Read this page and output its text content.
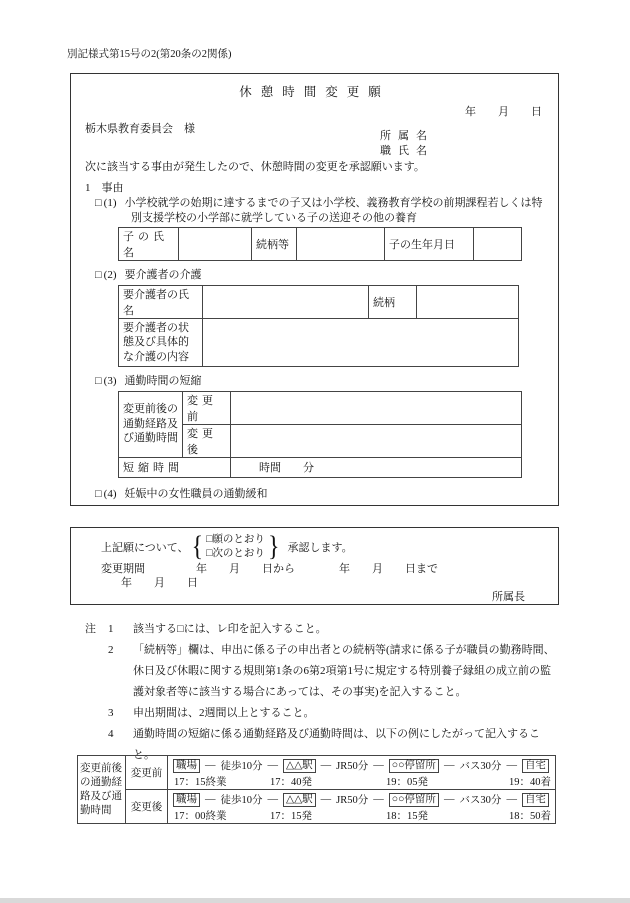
別記様式第15号の2(第20条の2関係)
休憩時間変更願
年　　月　　日
栃木県教育委員会　様
所属名
職氏名
次に該当する事由が発生したので、休憩時間の変更を承認願います。
1　事由
□ (1) 小学校就学の始期に達するまでの子又は小学校、義務教育学校の前期課程若しくは特別支援学校の小学部に就学している子の送迎その他の養育
子の氏名		続柄等		子の生年月日	
□ (2) 要介護者の介護
要介護者の氏名		続柄	
要介護者の状態及び具体的な介護の内容			
□ (3) 通勤時間の短縮
変更前後の通勤経路及び通勤時間	変更前	
	変更後	
短縮時間		時間　　分
□ (4) 妊娠中の女性職員の通勤緩和
上記願について、 { □願のとおり
□次のとおり } 承認します。
変更期間	年　　月　　日から　　　　年　　月　　日まで
年　　月　　日
所属長
注	1	該当する□には、レ印を記入すること。
2	「続柄等」欄は、申出に係る子の申出者との続柄等(請求に係る子が職員の勤務時間、休日及び休暇に関する規則第1条の6第2項第1号に規定する特別養子縁組の成立前の監護対象者等に該当する場合にあっては、その事実)を記入すること。
3	申出期間は、2週間以上とすること。
4	通勤時間の短縮に係る通勤経路及び通勤時間は、以下の例にしたがって記入すること。
変更前後の通勤経路及び通勤時間	変更前	
職場 — 徒歩10分 — △△駅 — JR50分 — ○○停留所 — バス30分 — 自宅
17：15終業	17：40発	19：05発	19：40着

変更後	
職場 — 徒歩10分 — △△駅 — JR50分 — ○○停留所 — バス30分 — 自宅
17：00終業	17：15発	18：15発	18：50着
